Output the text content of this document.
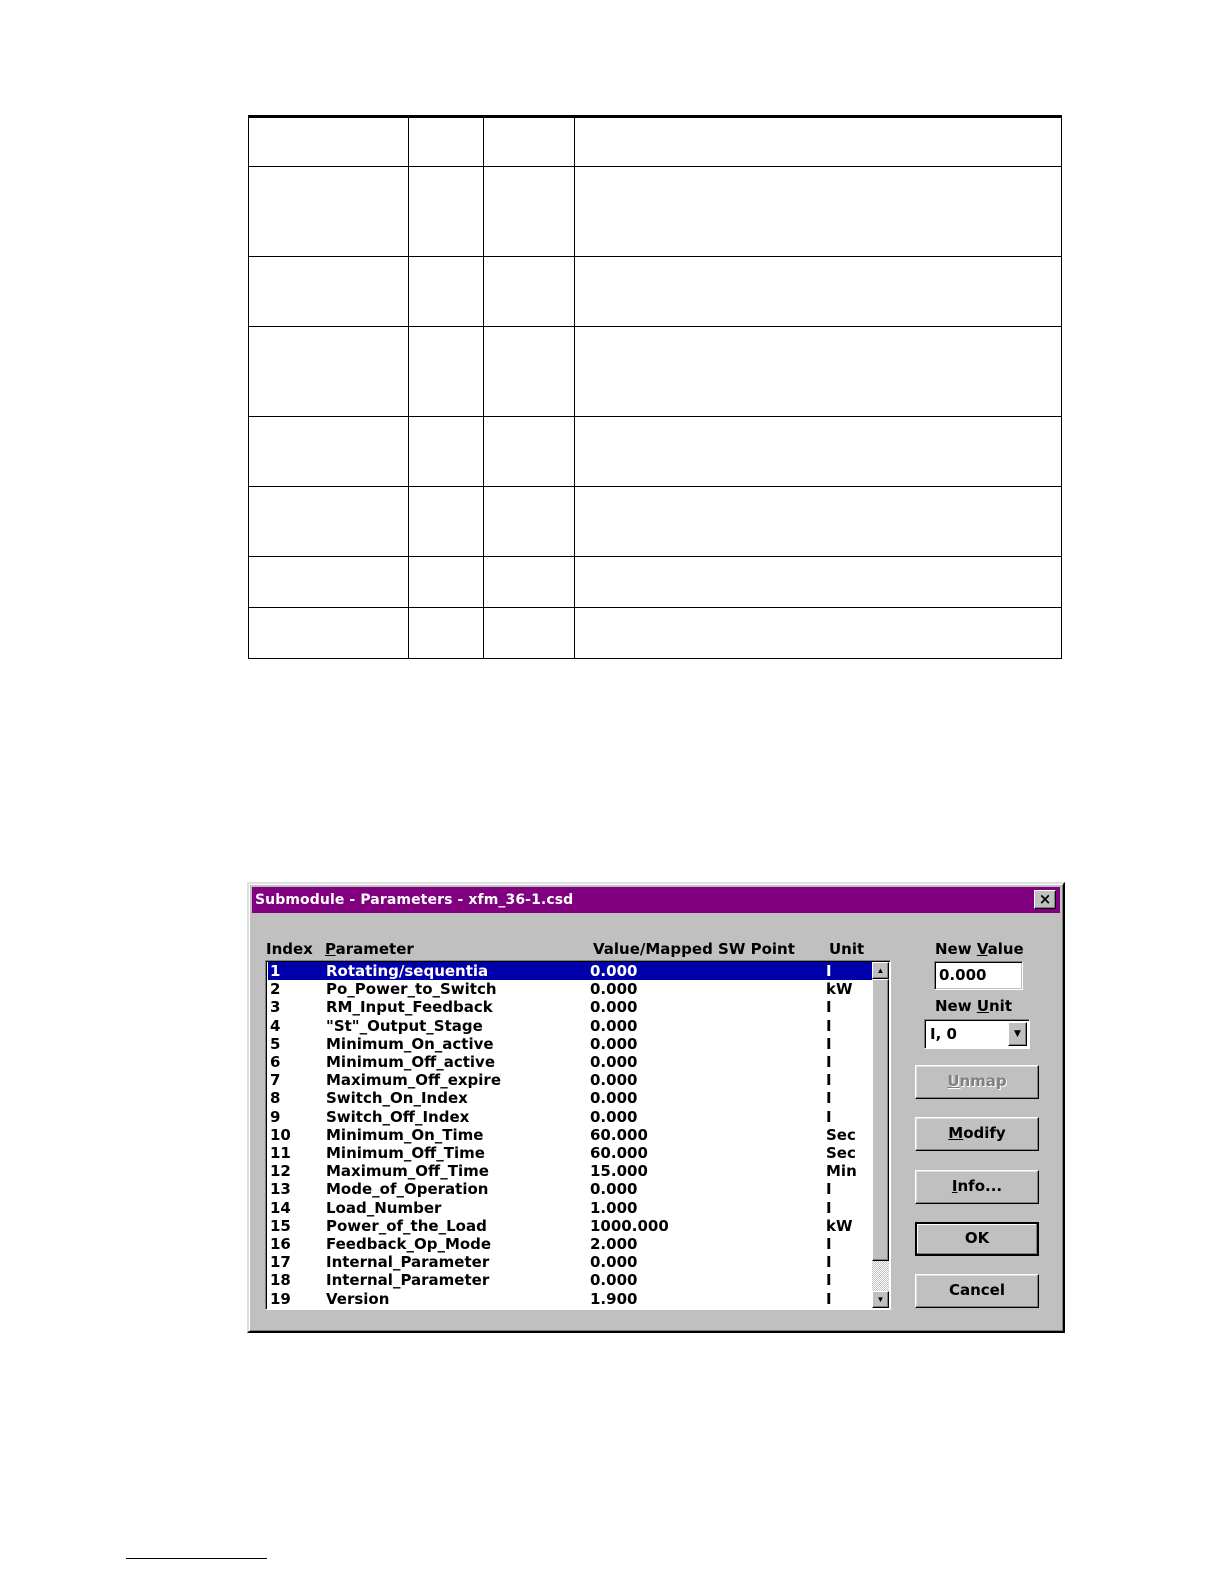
Submodule - Parameters - xfm_36-1.csd	×
Index Parameter	Value/Mapped SW Point Unit
19 Version	1.900	I
18 Internal_Parameter	0.000	I
17 Internal_Parameter	0.000	I
16 Feedback_Op_Mode	2.000	I
15 Power_of_the_Load	1000.000	kW
14 Load_Number	1.000	I
13 Mode_of_Operation	0.000	I
12 Maximum_Off_Time	15.000	Min
11 Minimum_Off_Time	60.000	Sec
10 Minimum_On_Time	60.000	Sec
9	Switch_Off_Index	0.000	I
8	Switch_On_Index	0.000	I
7	Maximum_Off_expire	0.000	I
6	Minimum_Off_active	0.000	I
5	Minimum_On_active	0.000	I
4	"St"_Output_Stage	0.000	I
3	RM_Input_Feedback	0.000	I
2	Po_Power_to_Switch	0.000	kW
1	Rotating/sequentia	0.000	I	▲
▼
New Value
0.000
New Unit
I, 0	▼
Unmap
Modify
Info...
OK
Cancel
